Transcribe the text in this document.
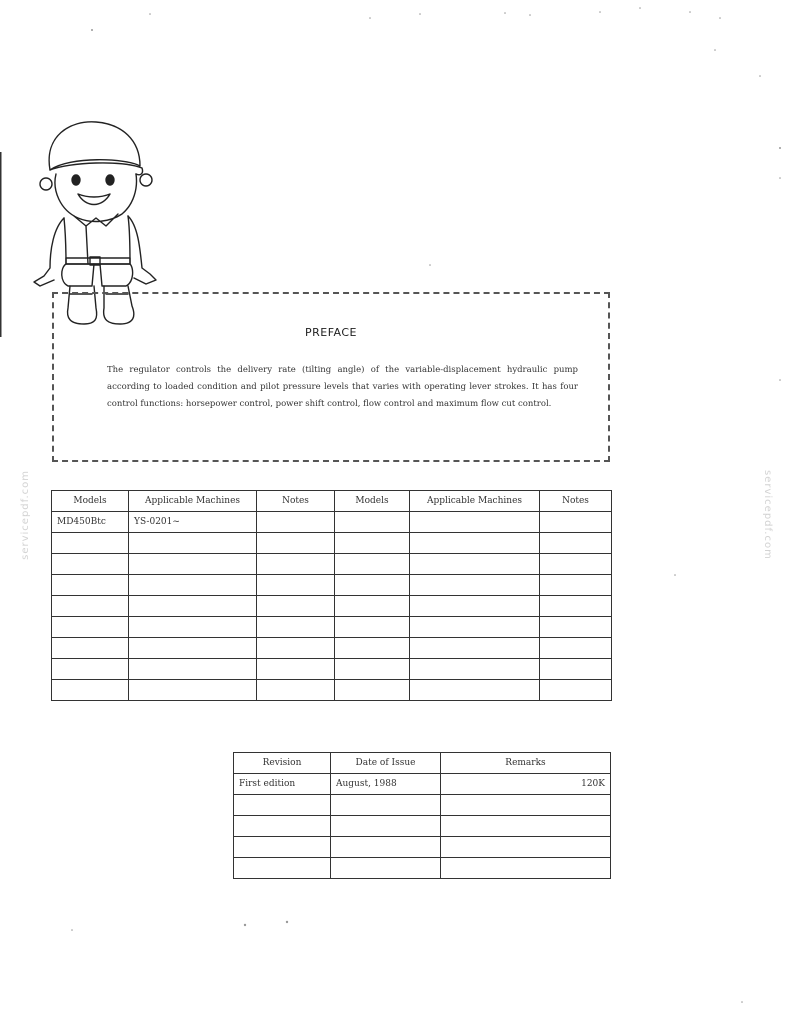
PREFACE
The regulator controls the delivery rate (tilting angle) of the variable-displacement hydraulic pump according to loaded condition and pilot pressure levels that varies with operating lever strokes. It has four control functions: horsepower control, power shift control, flow control and maximum flow cut control.
servicepdf.com	servicepdf.com
Models	Applicable Machines	Notes	Models	Applicable Machines	Notes
MD450Btc	YS-0201~				

Revision	Date of Issue	Remarks
First edition	August, 1988	120K
